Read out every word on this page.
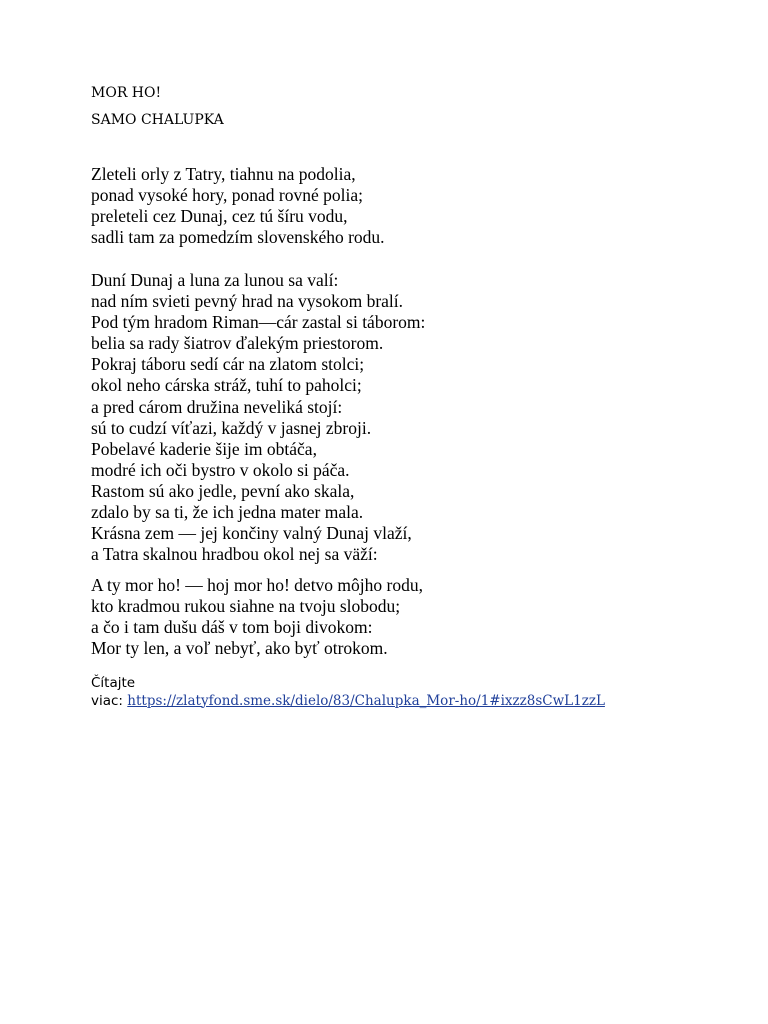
MOR HO!
SAMO CHALUPKA
Zleteli orly z Tatry, tiahnu na podolia,
ponad vysoké hory, ponad rovné polia;
preleteli cez Dunaj, cez tú šíru vodu,
sadli tam za pomedzím slovenského rodu.
Duní Dunaj a luna za lunou sa valí:
nad ním svieti pevný hrad na vysokom bralí.
Pod tým hradom Riman—cár zastal si táborom:
belia sa rady šiatrov ďalekým priestorom.
Pokraj táboru sedí cár na zlatom stolci;
okol neho cárska stráž, tuhí to paholci;
a pred cárom družina neveliká stojí:
sú to cudzí víťazi, každý v jasnej zbroji.
Pobelavé kaderie šije im obtáča,
modré ich oči bystro v okolo si páča.
Rastom sú ako jedle, pevní ako skala,
zdalo by sa ti, že ich jedna mater mala.
Krásna zem — jej končiny valný Dunaj vlaží,
a Tatra skalnou hradbou okol nej sa väží:
A ty mor ho! — hoj mor ho! detvo môjho rodu,
kto kradmou rukou siahne na tvoju slobodu;
a čo i tam dušu dáš v tom boji divokom:
Mor ty len, a voľ nebyť, ako byť otrokom.
Čítajte
viac: https://zlatyfond.sme.sk/dielo/83/Chalupka_Mor-ho/1#ixzz8sCwL1zzL
